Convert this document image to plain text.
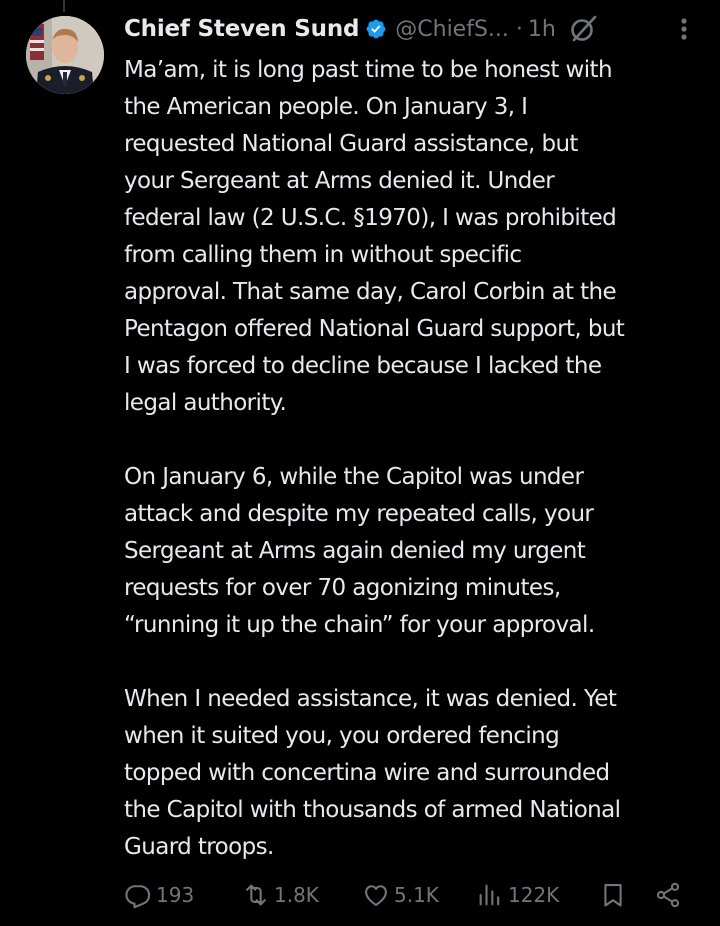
Chief Steven Sund @ChiefS... · 1h
Ma’am, it is long past time to be honest with
the American people. On January 3, I
requested National Guard assistance, but
your Sergeant at Arms denied it. Under
federal law (2 U.S.C. §1970), I was prohibited
from calling them in without specific
approval. That same day, Carol Corbin at the
Pentagon offered National Guard support, but
I was forced to decline because I lacked the
legal authority.
On January 6, while the Capitol was under
attack and despite my repeated calls, your
Sergeant at Arms again denied my urgent
requests for over 70 agonizing minutes,
“running it up the chain” for your approval.
When I needed assistance, it was denied. Yet
when it suited you, you ordered fencing
topped with concertina wire and surrounded
the Capitol with thousands of armed National
Guard troops.
193	1.8K	5.1K	122K
